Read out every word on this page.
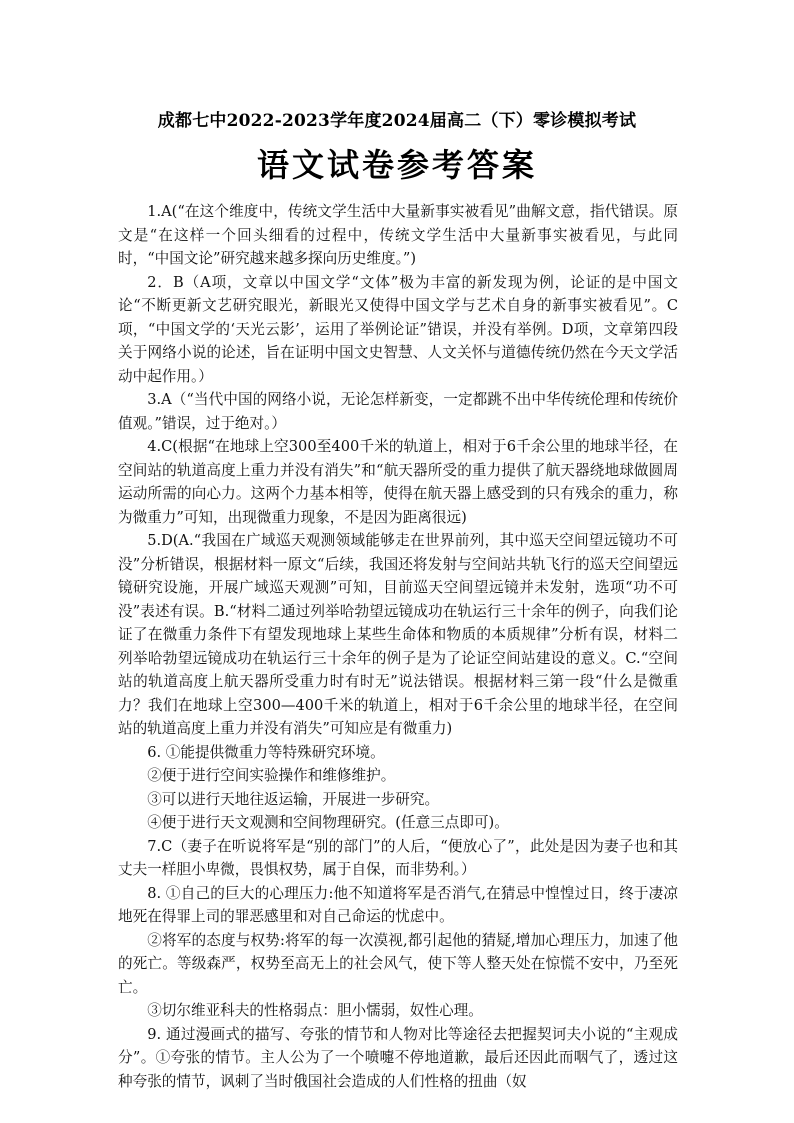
成都七中2022-2023学年度2024届高二（下）零诊模拟考试
语文试卷参考答案

1.A(“在这个维度中，传统文学生活中大量新事实被看见”曲解文意，指代错误。原文是“在这样一个回头细看的过程中，传统文学生活中大量新事实被看见，与此同时，“中国文论”研究越来越多探向历史维度。”)

2．B（A项，文章以中国文学“文体”极为丰富的新发现为例，论证的是中国文论“不断更新文艺研究眼光，新眼光又使得中国文学与艺术自身的新事实被看见”。C项，“中国文学的‘天光云影’，运用了举例论证”错误，并没有举例。D项，文章第四段关于网络小说的论述，旨在证明中国文史智慧、人文关怀与道德传统仍然在今天文学活动中起作用。）

3.A（“当代中国的网络小说，无论怎样新变，一定都跳不出中华传统伦理和传统价值观。”错误，过于绝对。）

4.C(根据“在地球上空300至400千米的轨道上，相对于6千余公里的地球半径，在空间站的轨道高度上重力并没有消失”和“航天器所受的重力提供了航天器绕地球做圆周运动所需的向心力。这两个力基本相等，使得在航天器上感受到的只有残余的重力，称为微重力”可知，出现微重力现象，不是因为距离很远)

5.D(A.“我国在广域巡天观测领域能够走在世界前列，其中巡天空间望远镜功不可没”分析错误，根据材料一原文“后续，我国还将发射与空间站共轨飞行的巡天空间望远镜研究设施，开展广域巡天观测”可知，目前巡天空间望远镜并未发射，选项“功不可没”表述有误。B.“材料二通过列举哈勃望远镜成功在轨运行三十余年的例子，向我们论证了在微重力条件下有望发现地球上某些生命体和物质的本质规律”分析有误，材料二列举哈勃望远镜成功在轨运行三十余年的例子是为了论证空间站建设的意义。C.“空间站的轨道高度上航天器所受重力时有时无”说法错误。根据材料三第一段“什么是微重力？我们在地球上空300—400千米的轨道上，相对于6千余公里的地球半径，在空间站的轨道高度上重力并没有消失”可知应是有微重力)

6. ①能提供微重力等特殊研究环境。

②便于进行空间实验操作和维修维护。

③可以进行天地往返运输，开展进一步研究。

④便于进行天文观测和空间物理研究。(任意三点即可)。

7.C（妻子在听说将军是“别的部门”的人后，“便放心了”，此处是因为妻子也和其丈夫一样胆小卑微，畏惧权势，属于自保，而非势利。）

8. ①自己的巨大的心理压力:他不知道将军是否消气,在猜忌中惶惶过日，终于凄凉地死在得罪上司的罪恶感里和对自己命运的忧虑中。

②将军的态度与权势:将军的每一次漠视,都引起他的猜疑,增加心理压力，加速了他的死亡。等级森严，权势至高无上的社会风气，使下等人整天处在惊慌不安中，乃至死亡。

③切尔维亚科夫的性格弱点：胆小懦弱，奴性心理。

9. 通过漫画式的描写、夸张的情节和人物对比等途径去把握契诃夫小说的“主观成分”。①夸张的情节。主人公为了一个喷嚏不停地道歉，最后还因此而咽气了，透过这种夸张的情节，讽刺了当时俄国社会造成的人们性格的扭曲（奴
